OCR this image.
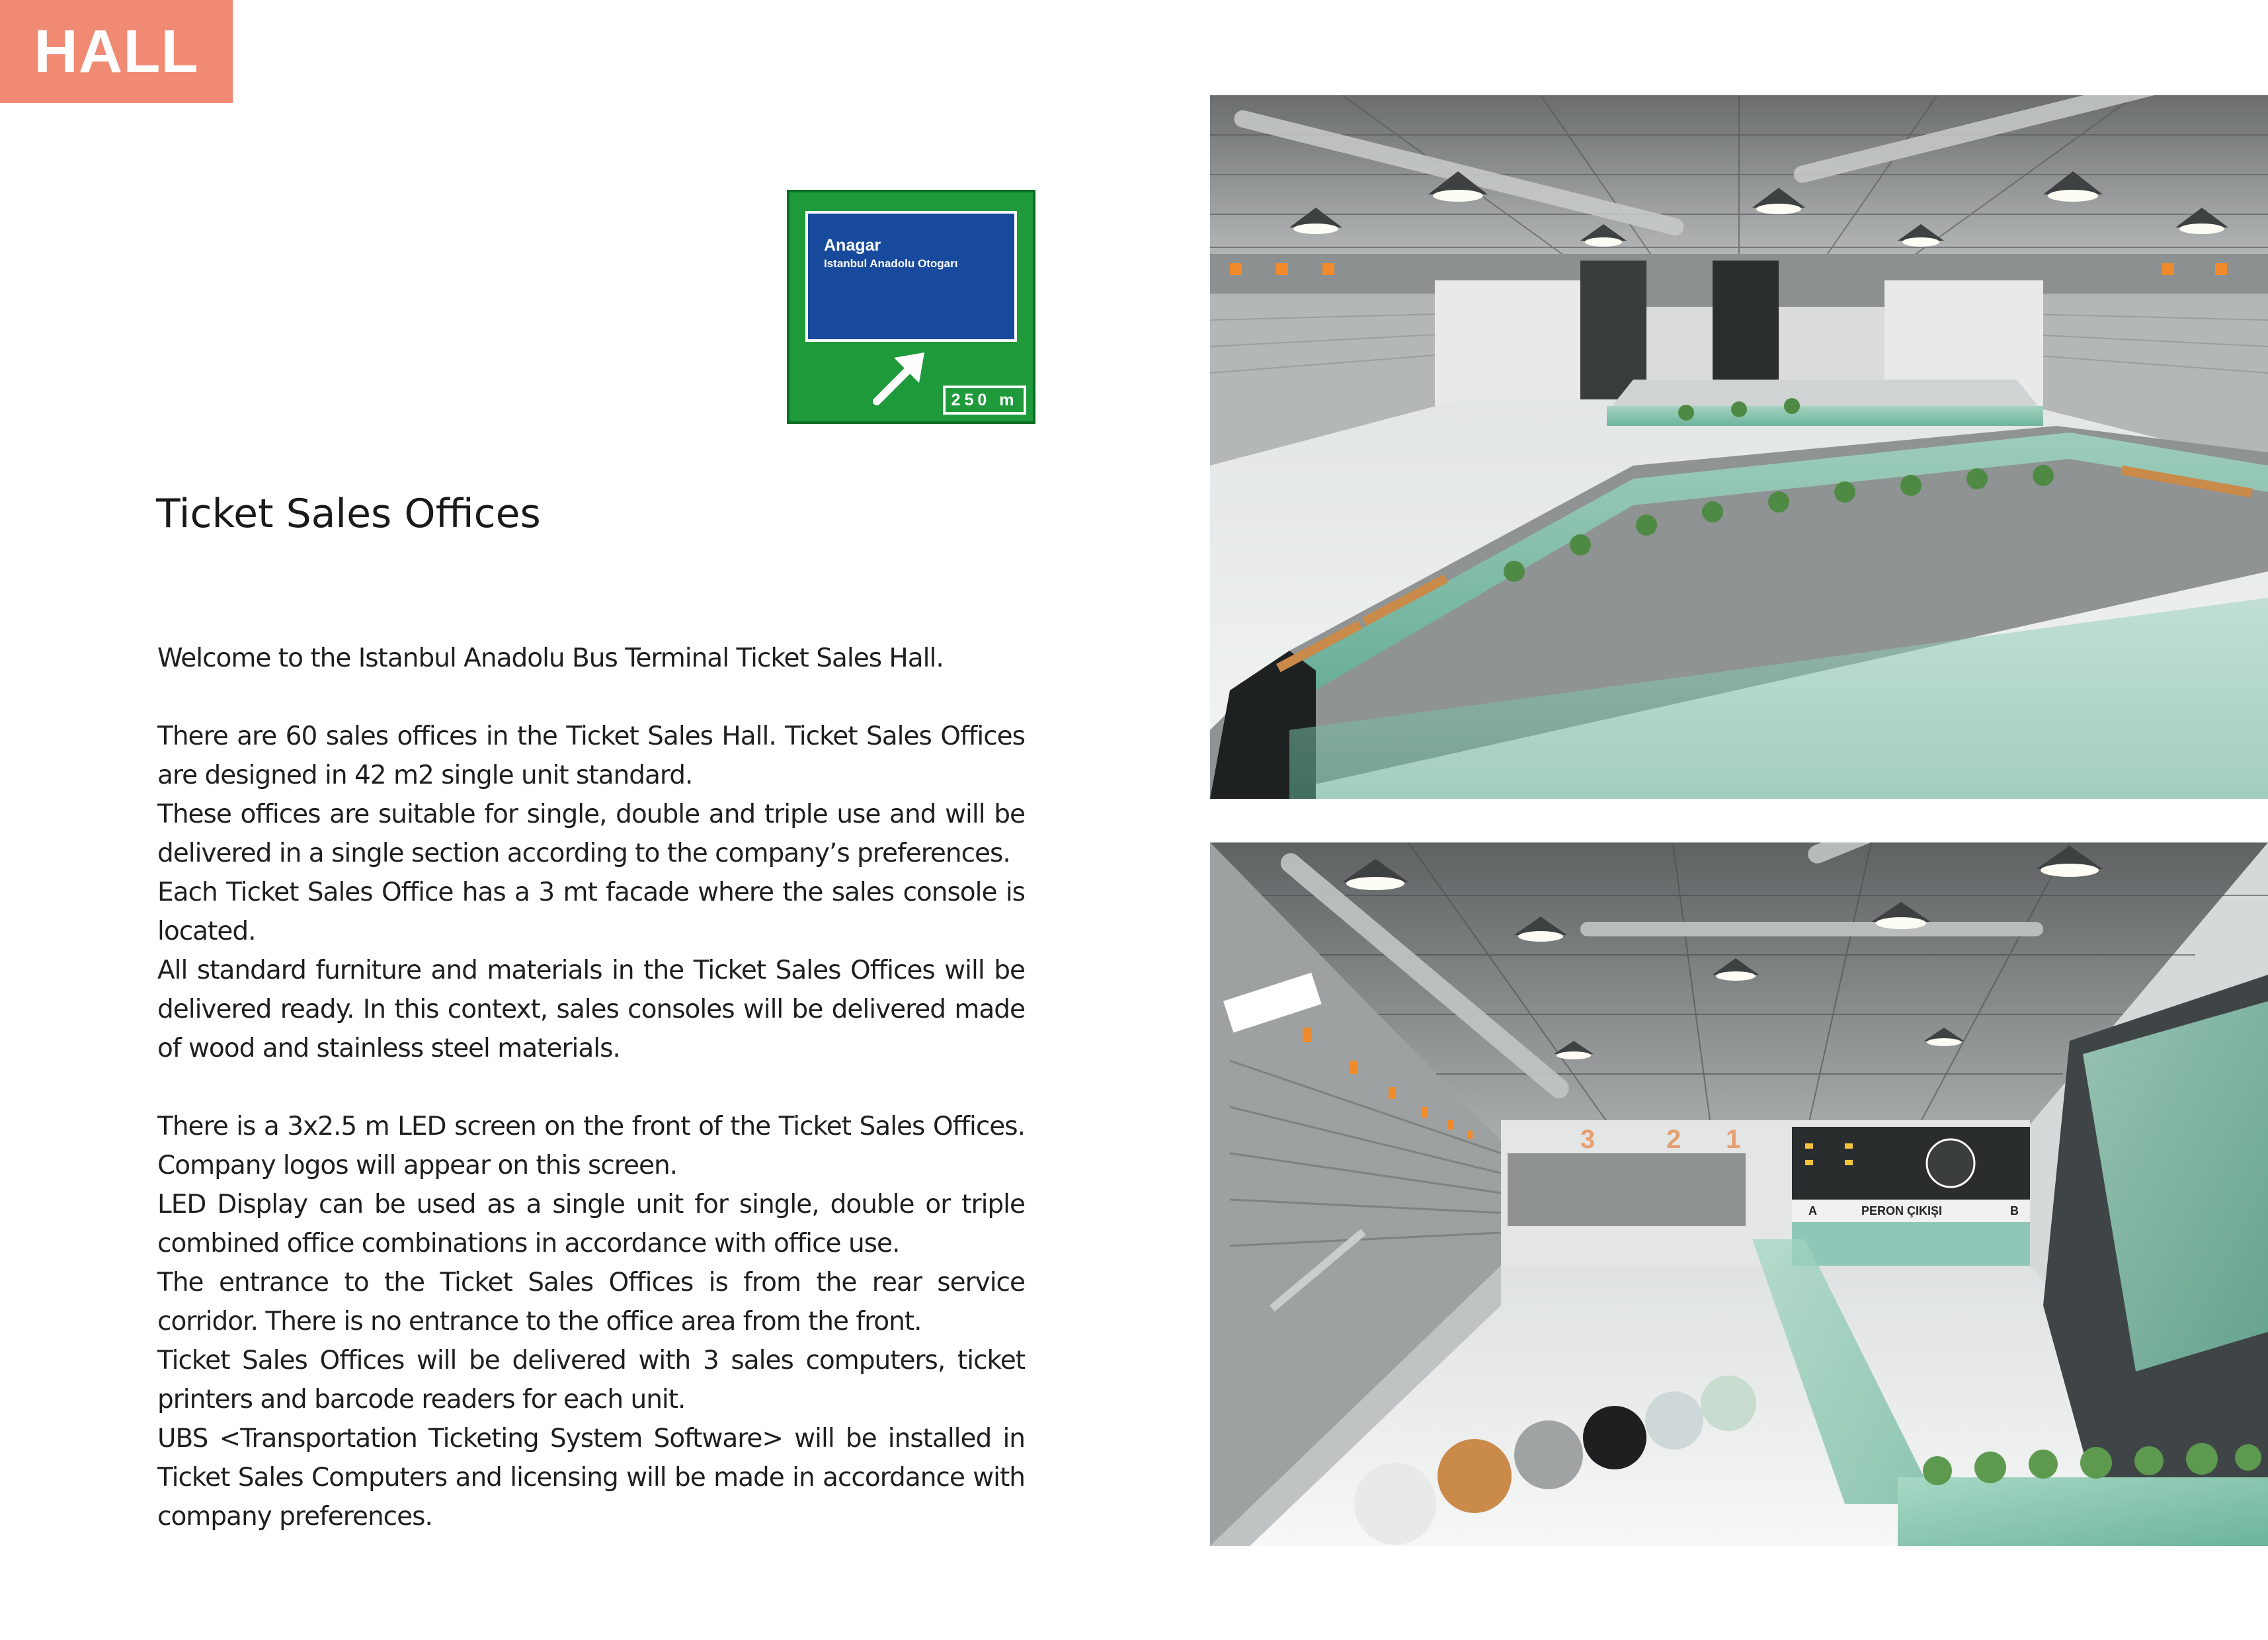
HALL
Anagar
Istanbul Anadolu Otogarı
250 m
Ticket Sales Offices

Welcome to the Istanbul Anadolu Bus Terminal Ticket Sales Hall.

There are 60 sales offices in the Ticket Sales Hall. Ticket Sales Offices are designed in 42 m2 single unit standard.

These offices are suitable for single, double and triple use and will be delivered in a single section according to the company’s preferences.

Each Ticket Sales Office has a 3 mt facade where the sales console is located.

All standard furniture and materials in the Ticket Sales Offices will be delivered ready. In this context, sales consoles will be delivered made of wood and stainless steel materials.

There is a 3x2.5 m LED screen on the front of the Ticket Sales Offices. Company logos will appear on this screen.

LED Display can be used as a single unit for single, double or triple combined office combinations in accordance with office use.

The entrance to the Ticket Sales Offices is from the rear service corridor. There is no entrance to the office area from the front.

Ticket Sales Offices will be delivered with 3 sales computers, ticket printers and barcode readers for each unit.

UBS <Transportation Ticketing System Software> will be installed in Ticket Sales Computers and licensing will be made in accordance with company preferences.

3	2 1
A	PERON ÇIKIŞI	B
